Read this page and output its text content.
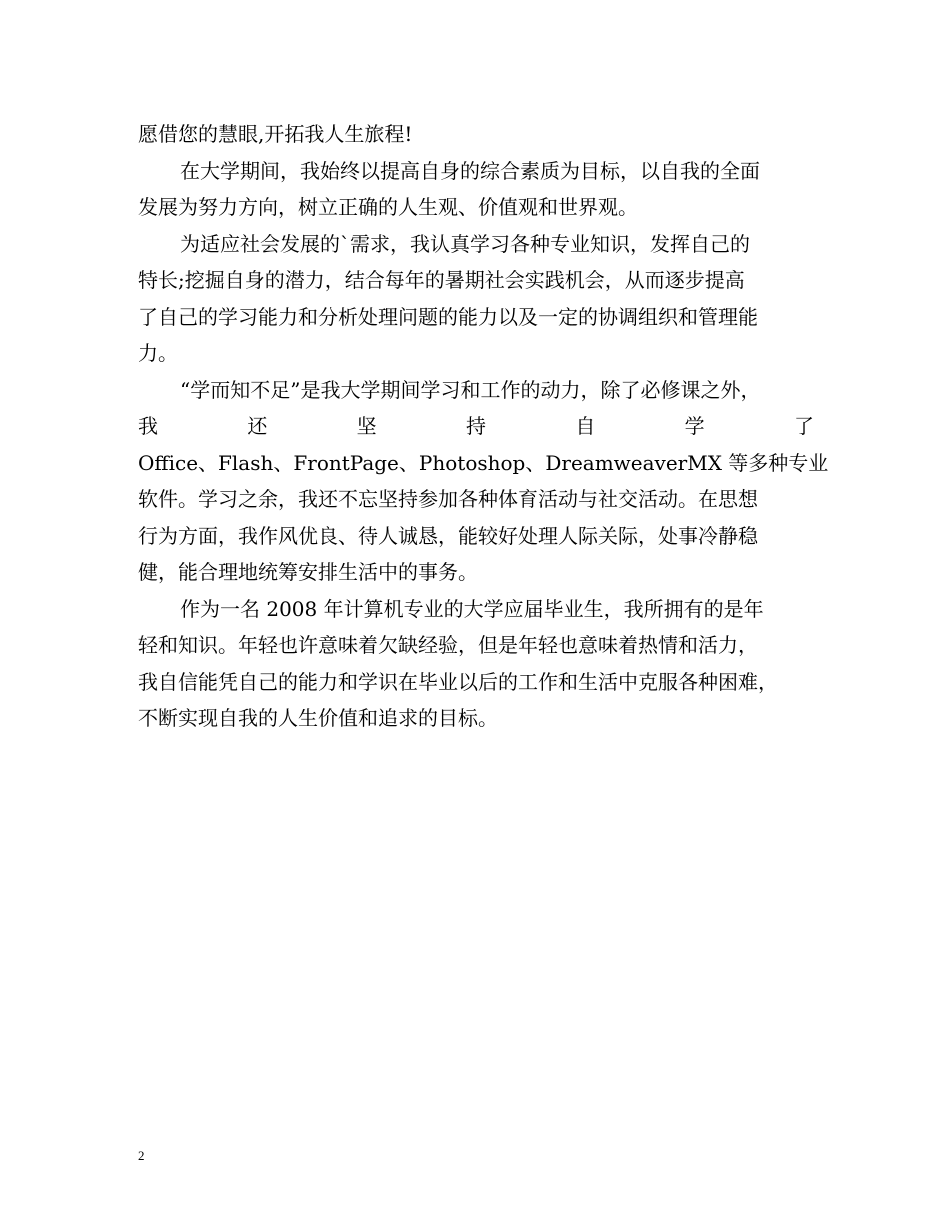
愿借您的慧眼,开拓我人生旅程!
在大学期间，我始终以提高自身的综合素质为目标，以自我的全面
发展为努力方向，树立正确的人生观、价值观和世界观。
为适应社会发展的`需求，我认真学习各种专业知识，发挥自己的
特长;挖掘自身的潜力，结合每年的暑期社会实践机会，从而逐步提高
了自己的学习能力和分析处理问题的能力以及一定的协调组织和管理能
力。
“学而知不足”是我大学期间学习和工作的动力，除了必修课之外，
我	还	坚	持	自	学	了
Office、Flash、FrontPage、Photoshop、DreamweaverMX 等多种专业
软件。学习之余，我还不忘坚持参加各种体育活动与社交活动。在思想
行为方面，我作风优良、待人诚恳，能较好处理人际关际，处事冷静稳
健，能合理地统筹安排生活中的事务。
作为一名 2008 年计算机专业的大学应届毕业生，我所拥有的是年
轻和知识。年轻也许意味着欠缺经验，但是年轻也意味着热情和活力，
我自信能凭自己的能力和学识在毕业以后的工作和生活中克服各种困难，
不断实现自我的人生价值和追求的目标。
2
